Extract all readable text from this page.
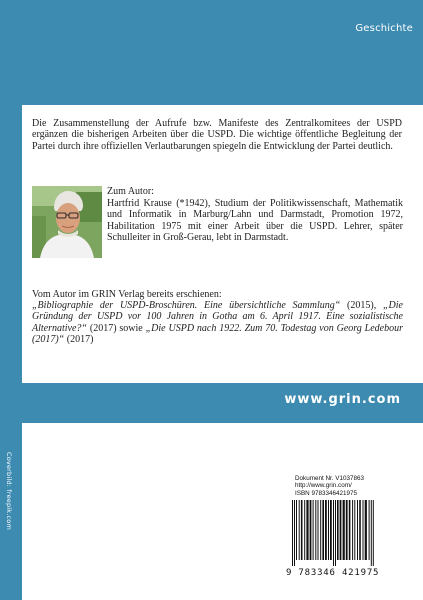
Geschichte
Coverbild: freepik.com

Die Zusammenstellung der Aufrufe bzw. Manifeste des Zentralkomitees der USPD ergänzen die bisherigen Arbeiten über die USPD. Die wichtige öffentliche Begleitung der Partei durch ihre offiziellen Verlautbarungen spiegeln die Entwicklung der Partei deutlich.

Zum Autor:

Hartfrid Krause (*1942), Studium der Politikwissenschaft, Mathematik und Informatik in Marburg/Lahn und Darmstadt, Promotion 1972, Habilitation 1975 mit einer Arbeit über die USPD. Lehrer, später Schulleiter in Groß-Gerau, lebt in Darmstadt.

Vom Autor im GRIN Verlag bereits erschienen:

„Bibliographie der USPD-Broschüren. Eine übersichtliche Sammlung“ (2015), „Die Gründung der USPD vor 100 Jahren in Gotha am 6. April 1917. Eine sozialistische Alternative?“ (2017) sowie „Die USPD nach 1922. Zum 70. Todestag von Georg Ledebour (2017)“ (2017)

www.grin.com
Dokument Nr. V1037863
http://www.grin.com/
ISBN 9783346421975
9 783346 421975
